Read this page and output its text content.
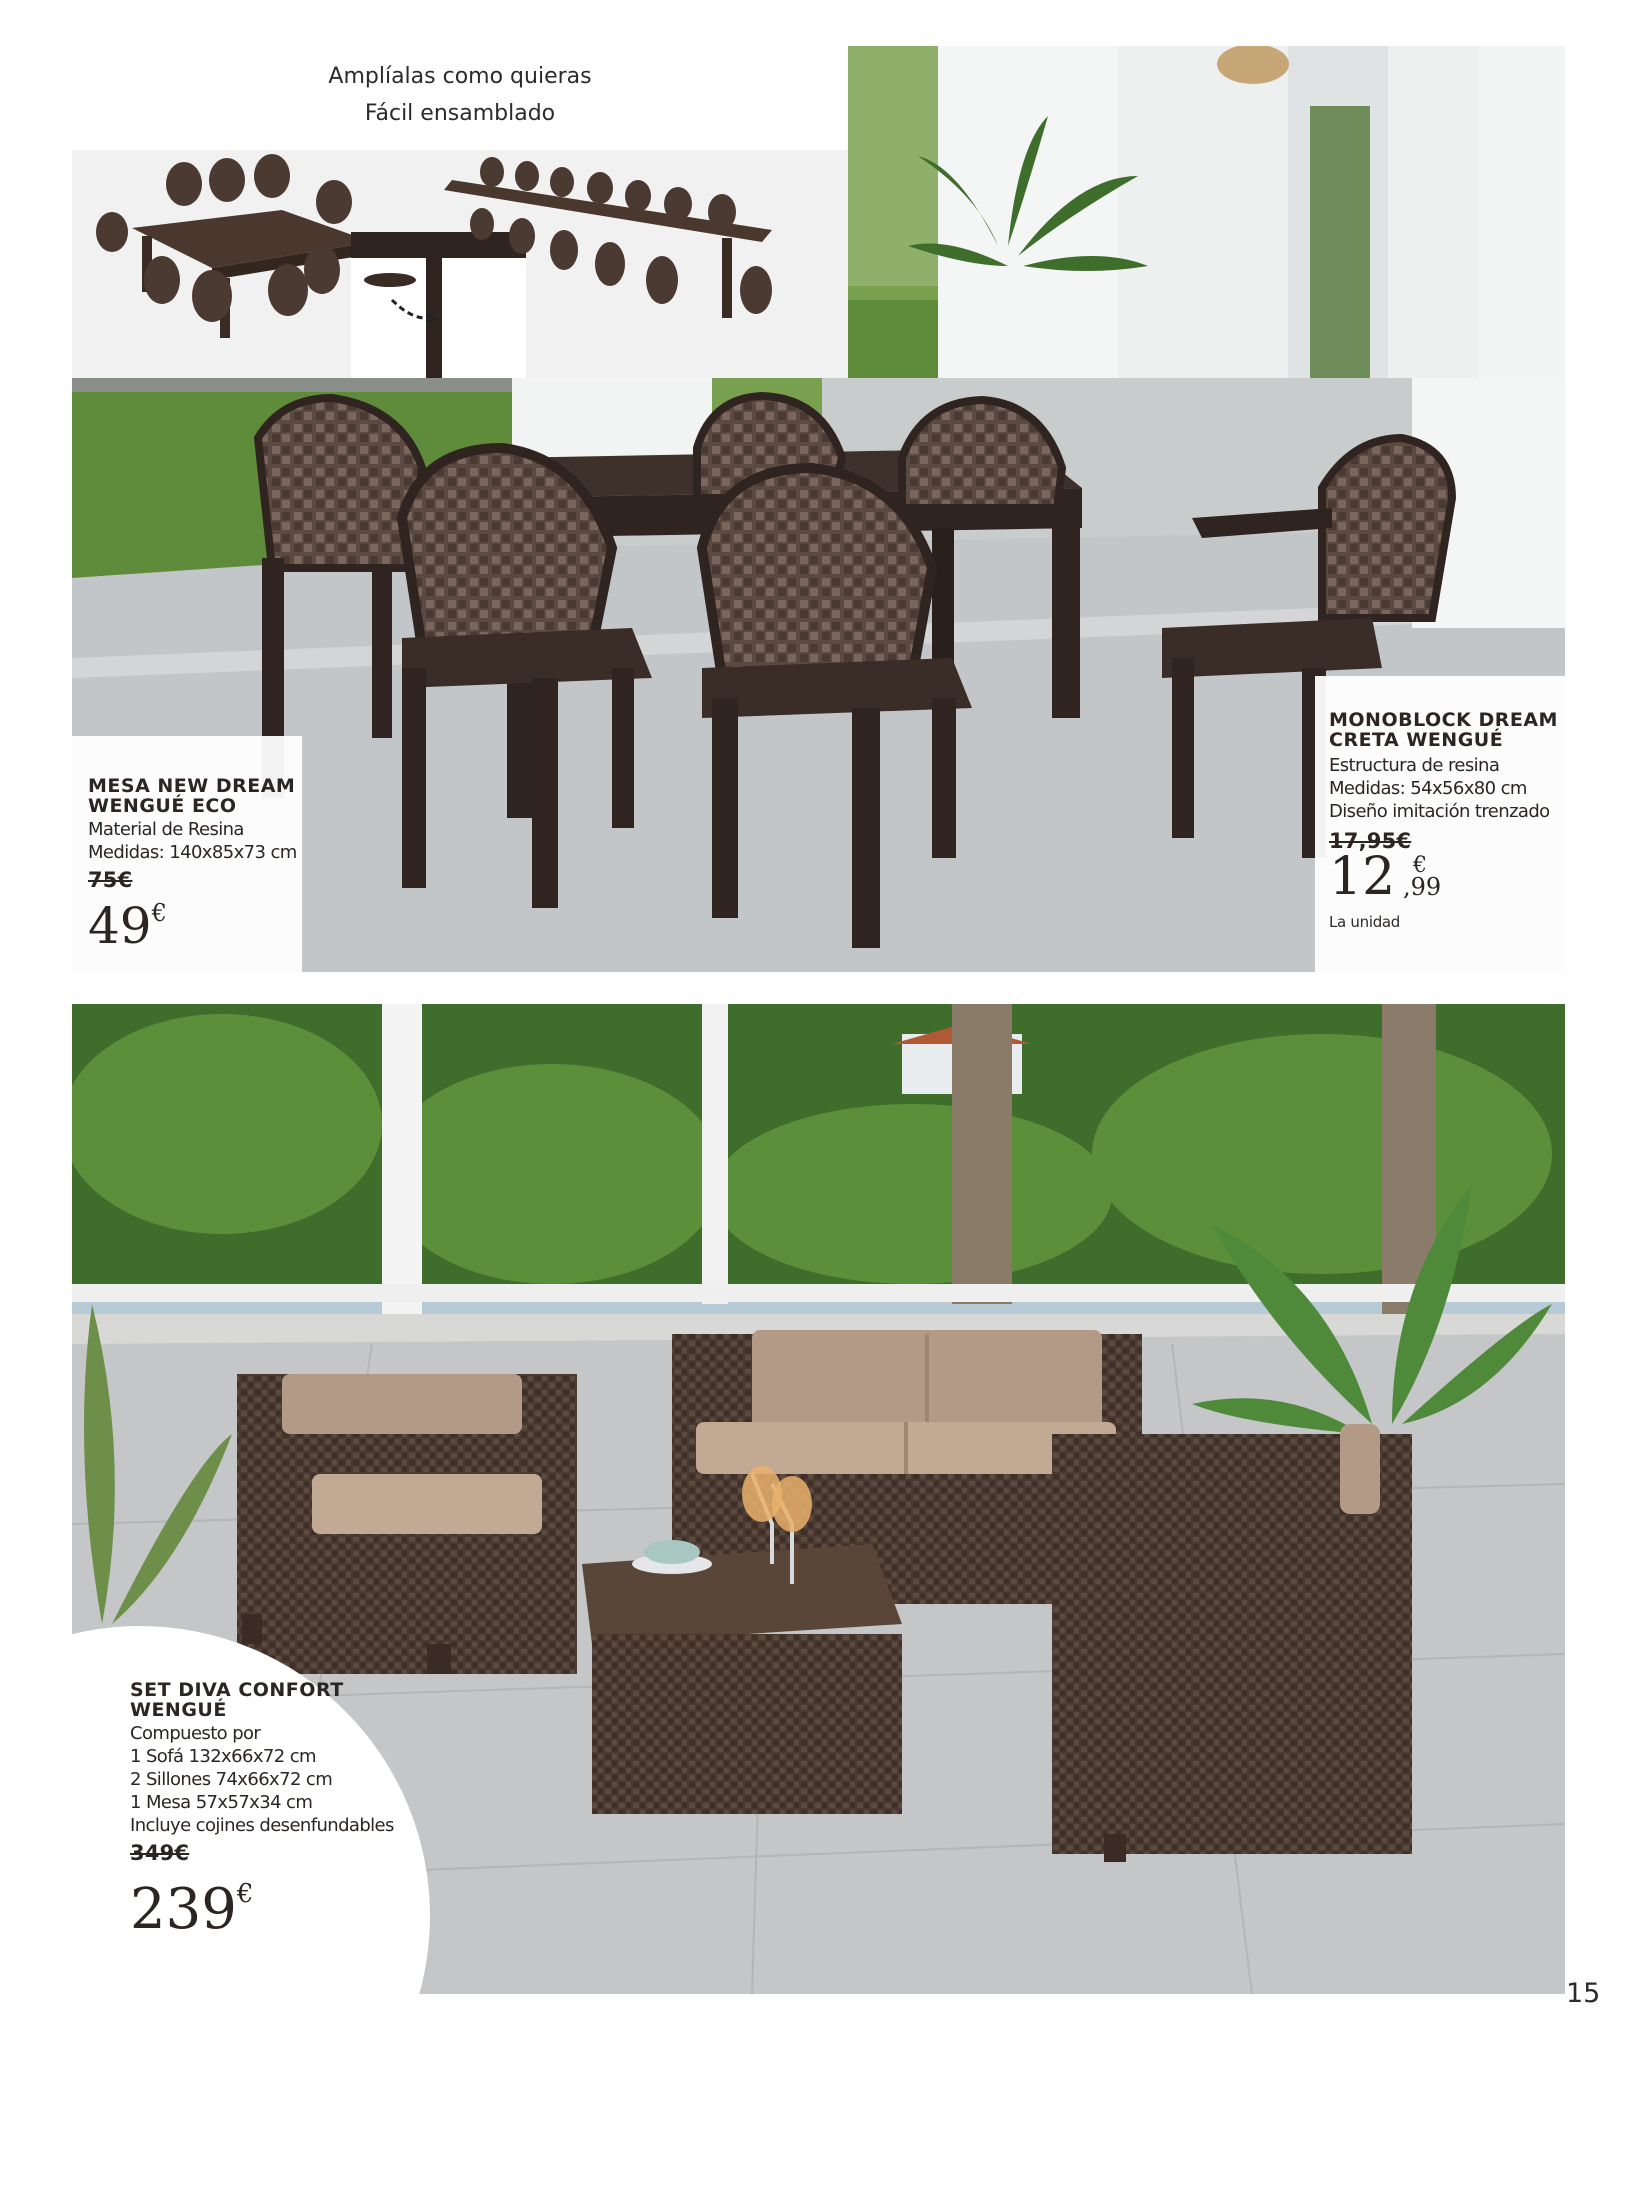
Amplíalas como quieras
Fácil ensamblado
MESA NEW DREAM
WENGUÉ ECO
Material de Resina
Medidas: 140x85x73 cm
75€
49€
MONOBLOCK DREAM
CRETA WENGUÉ
Estructura de resina
Medidas: 54x56x80 cm
Diseño imitación trenzado
17,95€
12 €
,99
La unidad
SET DIVA CONFORT
WENGUÉ
Compuesto por
1 Sofá 132x66x72 cm
2 Sillones 74x66x72 cm
1 Mesa 57x57x34 cm
Incluye cojines desenfundables
349€
239€
15
